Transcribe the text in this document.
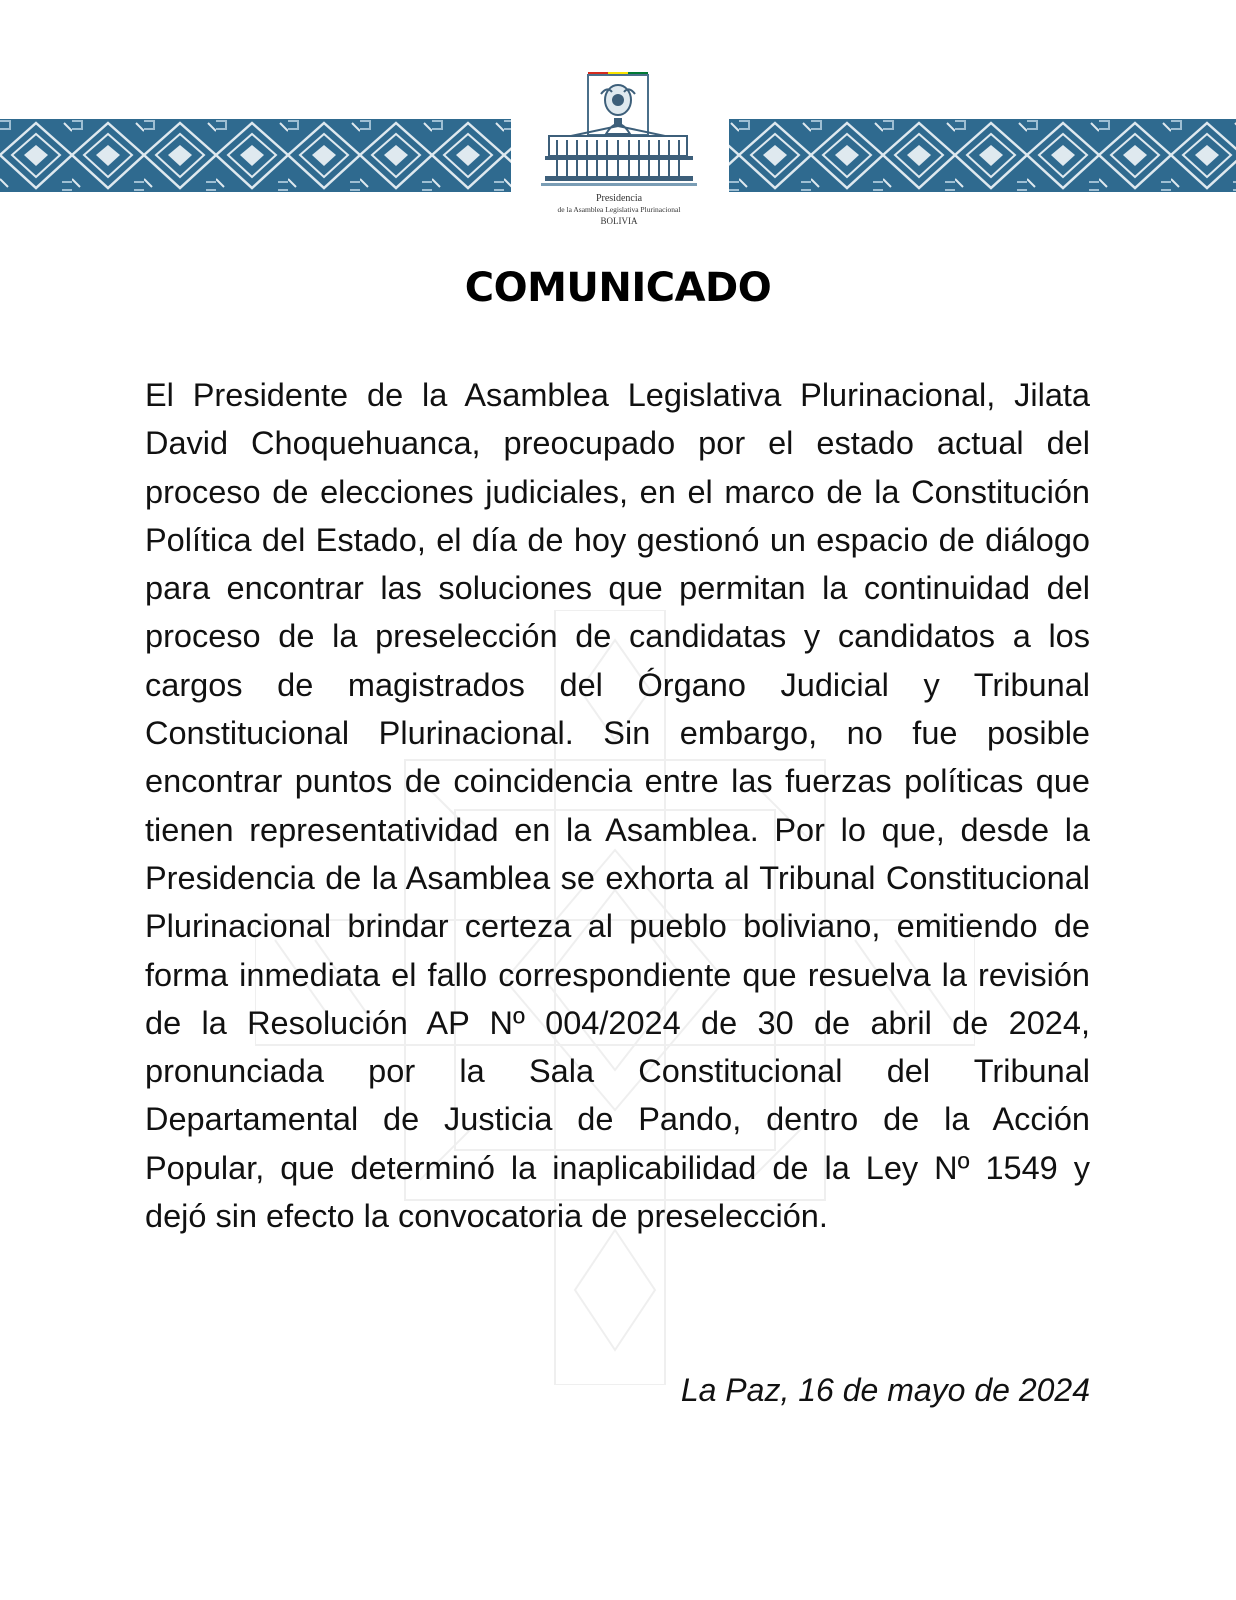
Presidencia
de la Asamblea Legislativa Plurinacional
BOLIVIA
COMUNICADO

El Presidente de la Asamblea Legislativa Plurinacional, Jilata David Choquehuanca, preocupado por el estado actual del proceso de elecciones judiciales, en el marco de la Constitución Política del Estado, el día de hoy gestionó un espacio de diálogo para encontrar las soluciones que permitan la continuidad del proceso de la preselección de candidatas y candidatos a los cargos de magistrados del Órgano Judicial y Tribunal Constitucional Plurinacional. Sin embargo, no fue posible encontrar puntos de coincidencia entre las fuerzas políticas que tienen representatividad en la Asamblea. Por lo que, desde la Presidencia de la Asamblea se exhorta al Tribunal Constitucional Plurinacional brindar certeza al pueblo boliviano, emitiendo de forma inmediata el fallo correspondiente que resuelva la revisión de la Resolución AP Nº 004/2024 de 30 de abril de 2024, pronunciada por la Sala Constitucional del Tribunal Departamental de Justicia de Pando, dentro de la Acción Popular, que determinó la inaplicabilidad de la Ley Nº 1549 y dejó sin efecto la convocatoria de preselección.

La Paz, 16 de mayo de 2024
